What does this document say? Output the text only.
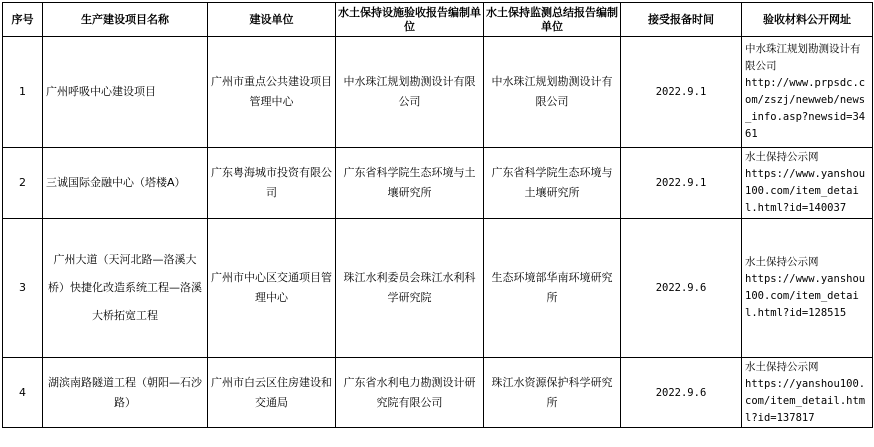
序号	生产建设项目名称	建设单位	水土保持设施验收报告编制单位	水土保持监测总结报告编制单位	接受报备时间	验收材料公开网址
1	广州呼吸中心建设项目	广州市重点公共建设项目管理中心	中水珠江规划勘测设计有限公司	中水珠江规划勘测设计有限公司	2022.9.1	中水珠江规划勘测设计有限公司
http://www.prpsdc.com/zszj/newweb/news_info.asp?newsid=3461

2	三诚国际金融中心（塔楼A）	广东粤海城市投资有限公司	广东省科学院生态环境与土壤研究所	广东省科学院生态环境与土壤研究所	2022.9.1	水土保持公示网
https://www.yanshou100.com/item_detail.html?id=140037

3	广州大道（天河北路—洛溪大桥）快捷化改造系统工程—洛溪大桥拓宽工程	广州市中心区交通项目管理中心	珠江水利委员会珠江水利科学研究院	生态环境部华南环境研究所	2022.9.6	水土保持公示网
https://www.yanshou100.com/item_detail.html?id=128515

4	湖滨南路隧道工程（朝阳—石沙路）	广州市白云区住房建设和交通局	广东省水利电力勘测设计研究院有限公司	珠江水资源保护科学研究所	2022.9.6	水土保持公示网
https://yanshou100.com/item_detail.html?id=137817
